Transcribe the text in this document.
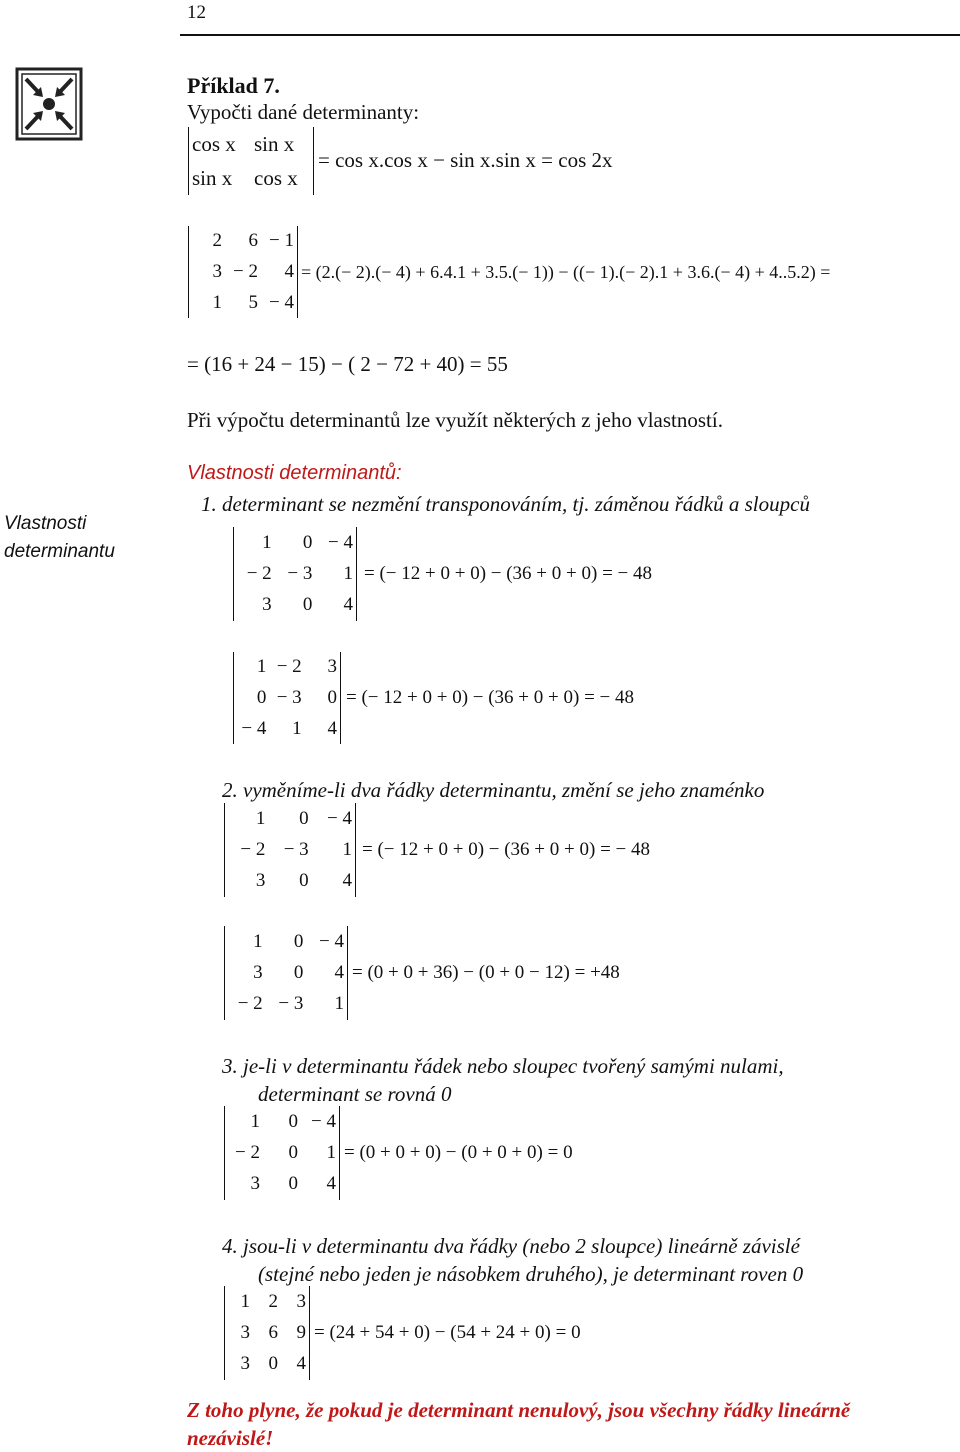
12
Příklad 7.
Vypočti dané determinanty:
cos x sin x
sin x cos x
= cos x.cos x − sin x.sin x = cos 2x
2 6 − 1
3 − 2 4
1 5 − 4
= (2.(− 2).(− 4) + 6.4.1 + 3.5.(− 1)) − ((− 1).(− 2).1 + 3.6.(− 4) + 4..5.2) =
= (16 + 24 − 15) − ( 2 − 72 + 40) = 55
Při výpočtu determinantů lze využít některých z jeho vlastností.
Vlastnosti determinantu
Vlastnosti determinantů:
1. determinant se nezmění transponováním, tj. záměnou řádků a sloupců
1 0 − 4
− 2 − 3 1
3 0 4
= (− 12 + 0 + 0) − (36 + 0 + 0) = − 48
1 − 2 3
0 − 3 0
− 4 1 4
= (− 12 + 0 + 0) − (36 + 0 + 0) = − 48
2. vyměníme-li dva řádky determinantu, změní se jeho znaménko
1 0 − 4
− 2 − 3 1
3 0 4
= (− 12 + 0 + 0) − (36 + 0 + 0) = − 48
1 0 − 4
3 0 4
− 2 − 3 1
= (0 + 0 + 36) − (0 + 0 − 12) = +48
3. je-li v determinantu řádek nebo sloupec tvořený samými nulami,
determinant se rovná 0
1 0 − 4
− 2 0 1
3 0 4
= (0 + 0 + 0) − (0 + 0 + 0) = 0
4. jsou-li v determinantu dva řádky (nebo 2 sloupce) lineárně závislé
(stejné nebo jeden je násobkem druhého), je determinant roven 0
1 2 3
3 6 9
3 0 4
= (24 + 54 + 0) − (54 + 24 + 0) = 0
Z toho plyne, že pokud je determinant nenulový, jsou všechny řádky lineárně
nezávislé!
